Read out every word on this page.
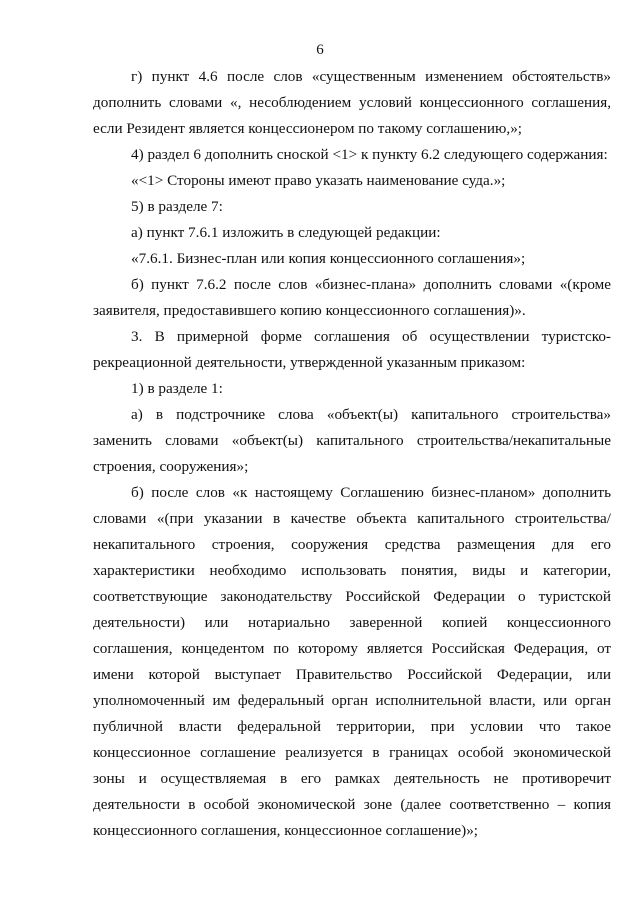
6

г) пункт 4.6 после слов «существенным изменением обстоятельств» дополнить словами «, несоблюдением условий концессионного соглашения, если Резидент является концессионером по такому соглашению,»;

4) раздел 6 дополнить сноской <1> к пункту 6.2 следующего содержания:

«<1> Стороны имеют право указать наименование суда.»;

5) в разделе 7:

а) пункт 7.6.1 изложить в следующей редакции:

«7.6.1. Бизнес-план или копия концессионного соглашения»;

б) пункт 7.6.2 после слов «бизнес-плана» дополнить словами «(кроме заявителя, предоставившего копию концессионного соглашения)».

3. В примерной форме соглашения об осуществлении туристско-рекреационной деятельности, утвержденной указанным приказом:

1) в разделе 1:

а) в подстрочнике слова «объект(ы) капитального строительства» заменить словами «объект(ы) капитального строительства/некапитальные строения, сооружения»;

б) после слов «к настоящему Соглашению бизнес-планом» дополнить словами «(при указании в качестве объекта капитального строительства/некапитального строения, сооружения средства размещения для его характеристики необходимо использовать понятия, виды и категории, соответствующие законодательству Российской Федерации о туристской деятельности) или нотариально заверенной копией концессионного соглашения, концедентом по которому является Российская Федерация, от имени которой выступает Правительство Российской Федерации, или уполномоченный им федеральный орган исполнительной власти, или орган публичной власти федеральной территории, при условии что такое концессионное соглашение реализуется в границах особой экономической зоны и осуществляемая в его рамках деятельность не противоречит деятельности в особой экономической зоне (далее соответственно – копия концессионного соглашения, концессионное соглашение)»;
